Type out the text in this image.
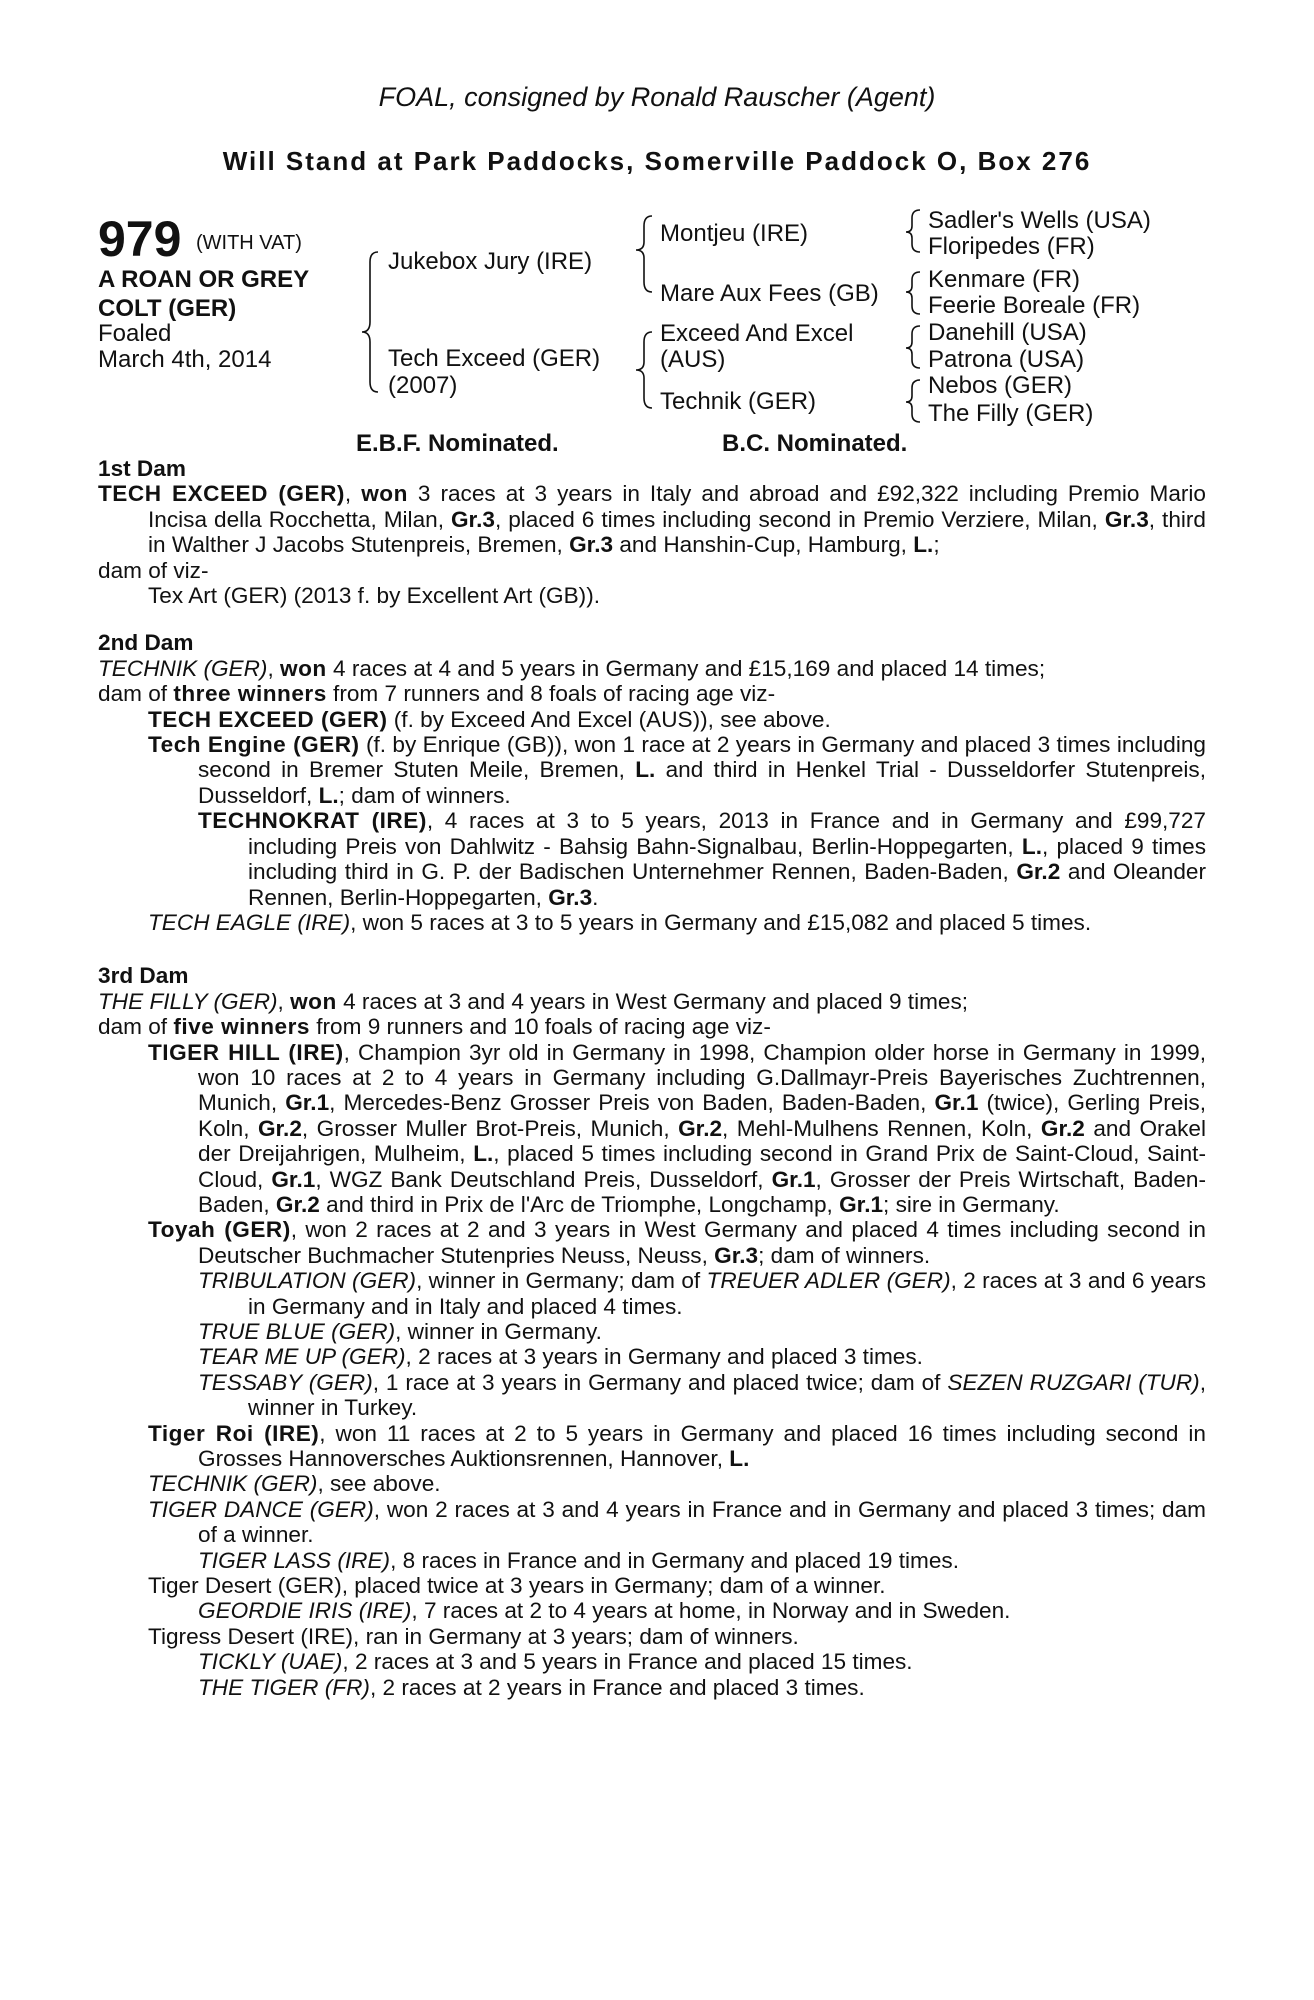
FOAL, consigned by Ronald Rauscher (Agent)
Will Stand at Park Paddocks, Somerville Paddock O, Box 276
979 (WITH VAT)
A ROAN OR GREY
COLT (GER)
Foaled
March 4th, 2014
Jukebox Jury (IRE)
Tech Exceed (GER)
(2007)
Montjeu (IRE)
Mare Aux Fees (GB)
Exceed And Excel
(AUS)
Technik (GER)
Sadler's Wells (USA)
Floripedes (FR)
Kenmare (FR)
Feerie Boreale (FR)
Danehill (USA)
Patrona (USA)
Nebos (GER)
The Filly (GER)
E.B.F. Nominated.	B.C. Nominated.
1st Dam
TECH EXCEED (GER), won 3 races at 3 years in Italy and abroad and £92,322 including Premio Mario Incisa della Rocchetta, Milan, Gr.3, placed 6 times including second in Premio Verziere, Milan, Gr.3, third in Walther J Jacobs Stutenpreis, Bremen, Gr.3 and Hanshin-Cup, Hamburg, L.;
dam of viz-
Tex Art (GER) (2013 f. by Excellent Art (GB)).
2nd Dam
TECHNIK (GER), won 4 races at 4 and 5 years in Germany and £15,169 and placed 14 times;
dam of three winners from 7 runners and 8 foals of racing age viz-
TECH EXCEED (GER) (f. by Exceed And Excel (AUS)), see above.
Tech Engine (GER) (f. by Enrique (GB)), won 1 race at 2 years in Germany and placed 3 times including second in Bremer Stuten Meile, Bremen, L. and third in Henkel Trial - Dusseldorfer Stutenpreis, Dusseldorf, L.; dam of winners.
TECHNOKRAT (IRE), 4 races at 3 to 5 years, 2013 in France and in Germany and £99,727 including Preis von Dahlwitz - Bahsig Bahn-Signalbau, Berlin-Hoppegarten, L., placed 9 times including third in G. P. der Badischen Unternehmer Rennen, Baden-Baden, Gr.2 and Oleander Rennen, Berlin-Hoppegarten, Gr.3.
TECH EAGLE (IRE), won 5 races at 3 to 5 years in Germany and £15,082 and placed 5 times.
3rd Dam
THE FILLY (GER), won 4 races at 3 and 4 years in West Germany and placed 9 times;
dam of five winners from 9 runners and 10 foals of racing age viz-
TIGER HILL (IRE), Champion 3yr old in Germany in 1998, Champion older horse in Germany in 1999, won 10 races at 2 to 4 years in Germany including G.Dallmayr-Preis Bayerisches Zuchtrennen, Munich, Gr.1, Mercedes-Benz Grosser Preis von Baden, Baden-Baden, Gr.1 (twice), Gerling Preis, Koln, Gr.2, Grosser Muller Brot-Preis, Munich, Gr.2, Mehl-Mulhens Rennen, Koln, Gr.2 and Orakel der Dreijahrigen, Mulheim, L., placed 5 times including second in Grand Prix de Saint-Cloud, Saint-Cloud, Gr.1, WGZ Bank Deutschland Preis, Dusseldorf, Gr.1, Grosser der Preis Wirtschaft, Baden-Baden, Gr.2 and third in Prix de l'Arc de Triomphe, Longchamp, Gr.1; sire in Germany.
Toyah (GER), won 2 races at 2 and 3 years in West Germany and placed 4 times including second in Deutscher Buchmacher Stutenpries Neuss, Neuss, Gr.3; dam of winners.
TRIBULATION (GER), winner in Germany; dam of TREUER ADLER (GER), 2 races at 3 and 6 years in Germany and in Italy and placed 4 times.
TRUE BLUE (GER), winner in Germany.
TEAR ME UP (GER), 2 races at 3 years in Germany and placed 3 times.
TESSABY (GER), 1 race at 3 years in Germany and placed twice; dam of SEZEN RUZGARI (TUR), winner in Turkey.
Tiger Roi (IRE), won 11 races at 2 to 5 years in Germany and placed 16 times including second in Grosses Hannoversches Auktionsrennen, Hannover, L.
TECHNIK (GER), see above.
TIGER DANCE (GER), won 2 races at 3 and 4 years in France and in Germany and placed 3 times; dam of a winner.
TIGER LASS (IRE), 8 races in France and in Germany and placed 19 times.
Tiger Desert (GER), placed twice at 3 years in Germany; dam of a winner.
GEORDIE IRIS (IRE), 7 races at 2 to 4 years at home, in Norway and in Sweden.
Tigress Desert (IRE), ran in Germany at 3 years; dam of winners.
TICKLY (UAE), 2 races at 3 and 5 years in France and placed 15 times.
THE TIGER (FR), 2 races at 2 years in France and placed 3 times.
